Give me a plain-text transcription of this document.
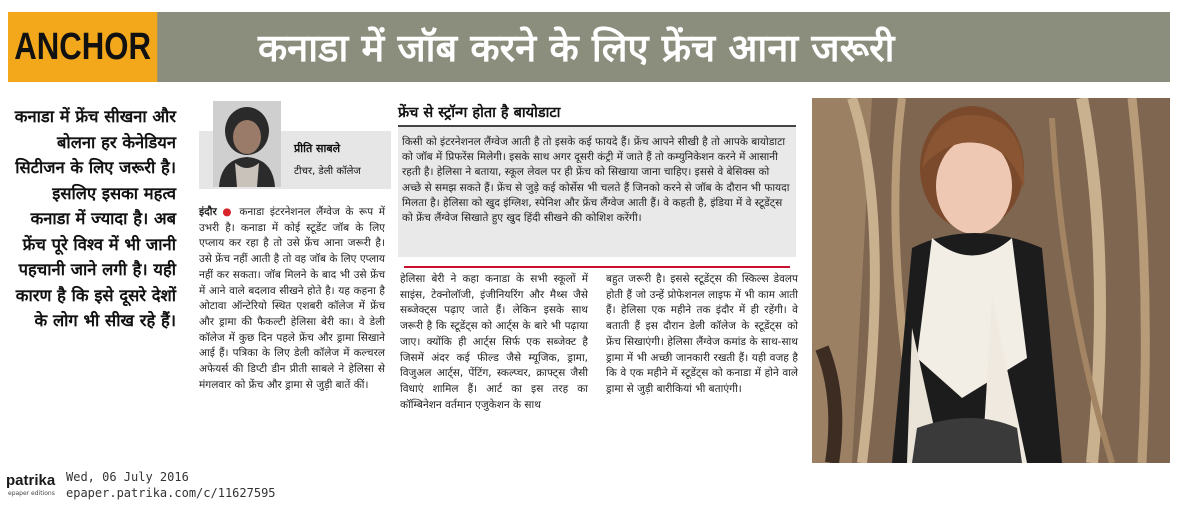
ANCHOR	कनाडा में जॉब करने के लिए फ्रेंच आना जरूरी
कनाडा में फ्रेंच सीखना और बोलना हर केनेडियन सिटीजन के लिए जरूरी है। इसलिए इसका महत्व कनाडा में ज्यादा है। अब फ्रेंच पूरे विश्व में भी जानी पहचानी जाने लगी है। यही कारण है कि इसे दूसरे देशों के लोग भी सीख रहे हैं।
प्रीति साबले
टीचर, डेली कॉलेज
इंदौर ● कनाडा इंटरनेशनल लैंग्वेज के रूप में उभरी है। कनाडा में कोई स्टूडेंट जॉब के लिए एप्लाय कर रहा है तो उसे फ्रेंच आना जरूरी है। उसे फ्रेंच नहीं आती है तो वह जॉब के लिए एप्लाय नहीं कर सकता। जॉब मिलने के बाद भी उसे फ्रेंच में आने वाले बदलाव सीखने होते है। यह कहना है ओटावा ऑन्टेरियो स्थित एशबरी कॉलेज में फ्रेंच और ड्रामा की फैकल्टी हेलिसा बेरी का। वे डेली कॉलेज में कुछ दिन पहले फ्रेंच और ड्रामा सिखाने आई हैं। पत्रिका के लिए डेली कॉलेज में कल्चरल अफेयर्स की डिप्टी डीन प्रीती साबले ने हेलिसा से मंगलवार को फ्रेंच और ड्रामा से जुड़ी बातें कीं।
फ्रेंच से स्ट्रॉन्ग होता है बायोडाटा
किसी को इंटरनेशनल लैंग्वेज आती है तो इसके कई फायदे हैं। फ्रेंच आपने सीखी है तो आपके बायोडाटा को जॉब में प्रिफरेंस मिलेगी। इसके साथ अगर दूसरी कंट्री में जाते हैं तो कम्युनिकेशन करने में आसानी रहती है। हेलिसा ने बताया, स्कूल लेवल पर ही फ्रेंच को सिखाया जाना चाहिए। इससे वे बेसिक्स को अच्छे से समझ सकते हैं। फ्रेंच से जुड़े कई कोर्सेस भी चलते हैं जिनको करने से जॉब के दौरान भी फायदा मिलता है। हेलिसा को खुद इंग्लिश, स्पेनिश और फ्रेंच लैंग्वेज आती हैं। वे कहती है, इंडिया में वे स्टूडेंट्स को फ्रेंच लैंग्वेज सिखाते हुए खुद हिंदी सीखने की कोशिश करेंगी।
हेलिसा बेरी ने कहा कनाडा के सभी स्कूलों में साइंस, टेक्नोलॉजी, इंजीनियरिंग और मैथ्स जैसे सब्जेक्ट्स पढ़ाए जाते हैं। लेकिन इसके साथ जरूरी है कि स्टूडेंट्स को आर्ट्स के बारे भी पढ़ाया जाए। क्योंकि ही आर्ट्स सिर्फ एक सब्जेक्ट है जिसमें अंदर कई फील्ड जैसे म्यूजिक, ड्रामा, विजुअल आर्ट्स, पेंटिंग, स्कल्प्चर, क्राफ्ट्स जैसी विधाएं शामिल हैं। आर्ट का इस तरह का कॉम्बिनेशन वर्तमान एजुकेशन के साथ
बहुत जरूरी है। इससे स्टूडेंट्स की स्किल्स डेवलप होती हैं जो उन्हें प्रोफेशनल लाइफ में भी काम आती हैं। हेलिसा एक महीने तक इंदौर में ही रहेंगी। वे बताती हैं इस दौरान डेली कॉलेज के स्टूडेंट्स को फ्रेंच सिखाएंगी। हेलिसा लैंग्वेज कमांड के साथ-साथ ड्रामा में भी अच्छी जानकारी रखती हैं। यही वजह है कि वे एक महीने में स्टूडेंट्स को कनाडा में होने वाले ड्रामा से जुड़ी बारीकियां भी बताएंगी।
patrika
epaper editions
Wed, 06 July 2016
epaper.patrika.com/c/11627595
